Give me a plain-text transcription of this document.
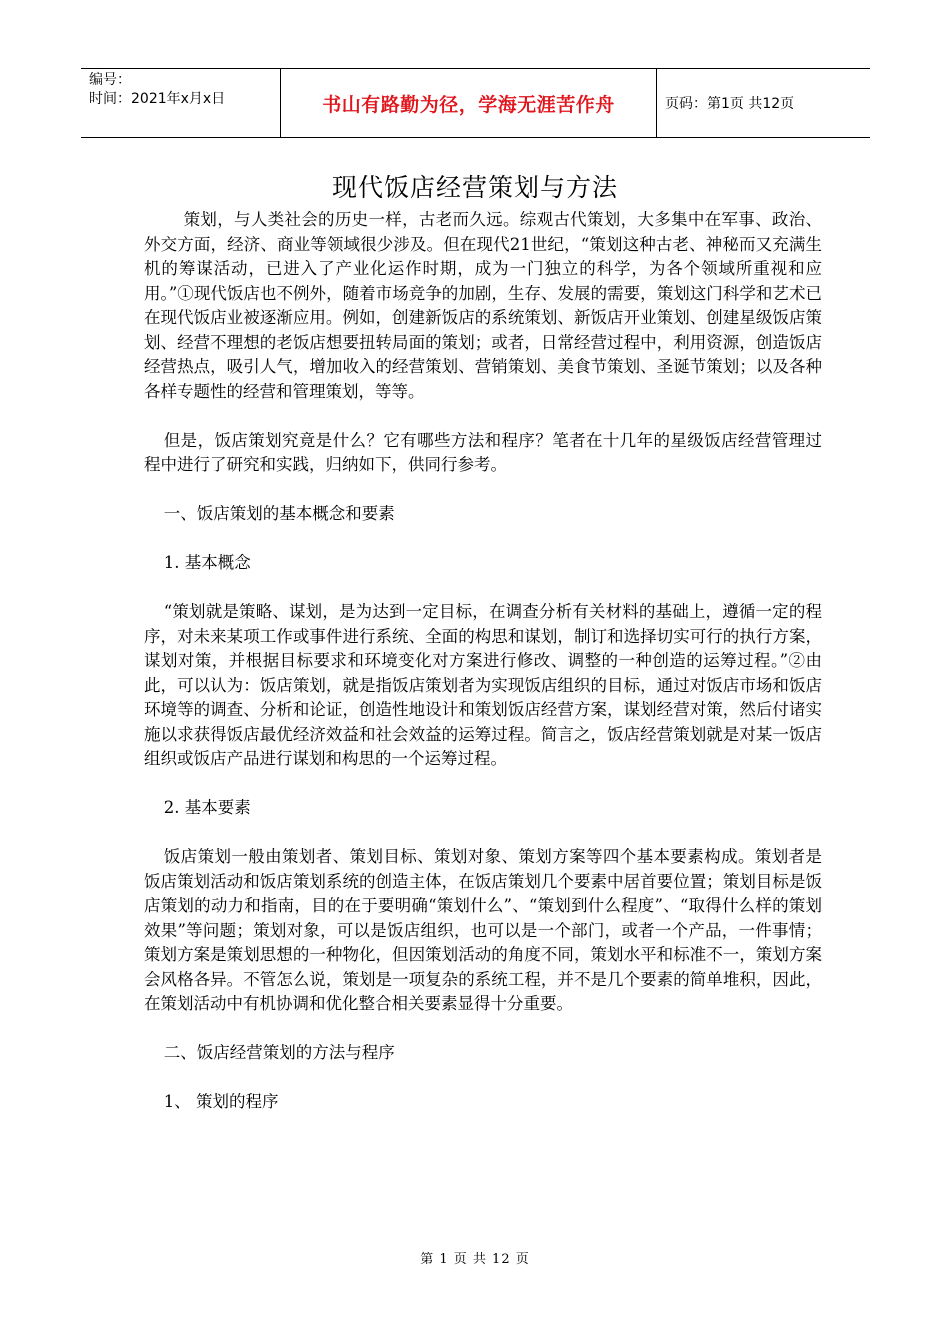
编号：
时间：2021年x月x日	书山有路勤为径，学海无涯苦作舟	页码：第1页 共12页
现代饭店经营策划与方法

策划，与人类社会的历史一样，古老而久远。综观古代策划，大多集中在军事、政治、外交方面，经济、商业等领域很少涉及。但在现代21世纪，“策划这种古老、神秘而又充满生机的筹谋活动，已进入了产业化运作时期，成为一门独立的科学，为各个领域所重视和应用。”①现代饭店也不例外，随着市场竞争的加剧，生存、发展的需要，策划这门科学和艺术已在现代饭店业被逐渐应用。例如，创建新饭店的系统策划、新饭店开业策划、创建星级饭店策划、经营不理想的老饭店想要扭转局面的策划；或者，日常经营过程中，利用资源，创造饭店经营热点，吸引人气，增加收入的经营策划、营销策划、美食节策划、圣诞节策划；以及各种各样专题性的经营和管理策划，等等。

但是，饭店策划究竟是什么？它有哪些方法和程序？笔者在十几年的星级饭店经营管理过程中进行了研究和实践，归纳如下，供同行参考。

一、饭店策划的基本概念和要素

1. 基本概念

“策划就是策略、谋划，是为达到一定目标，在调查分析有关材料的基础上，遵循一定的程序，对未来某项工作或事件进行系统、全面的构思和谋划，制订和选择切实可行的执行方案，谋划对策，并根据目标要求和环境变化对方案进行修改、调整的一种创造的运筹过程。”②由此，可以认为：饭店策划，就是指饭店策划者为实现饭店组织的目标，通过对饭店市场和饭店环境等的调查、分析和论证，创造性地设计和策划饭店经营方案，谋划经营对策，然后付诸实施以求获得饭店最优经济效益和社会效益的运筹过程。简言之，饭店经营策划就是对某一饭店组织或饭店产品进行谋划和构思的一个运筹过程。

2. 基本要素

饭店策划一般由策划者、策划目标、策划对象、策划方案等四个基本要素构成。策划者是饭店策划活动和饭店策划系统的创造主体，在饭店策划几个要素中居首要位置；策划目标是饭店策划的动力和指南，目的在于要明确“策划什么”、“策划到什么程度”、“取得什么样的策划效果”等问题；策划对象，可以是饭店组织，也可以是一个部门，或者一个产品，一件事情；策划方案是策划思想的一种物化，但因策划活动的角度不同，策划水平和标准不一，策划方案会风格各异。不管怎么说，策划是一项复杂的系统工程，并不是几个要素的简单堆积，因此，在策划活动中有机协调和优化整合相关要素显得十分重要。

二、饭店经营策划的方法与程序

1、 策划的程序

第 1 页 共 12 页
